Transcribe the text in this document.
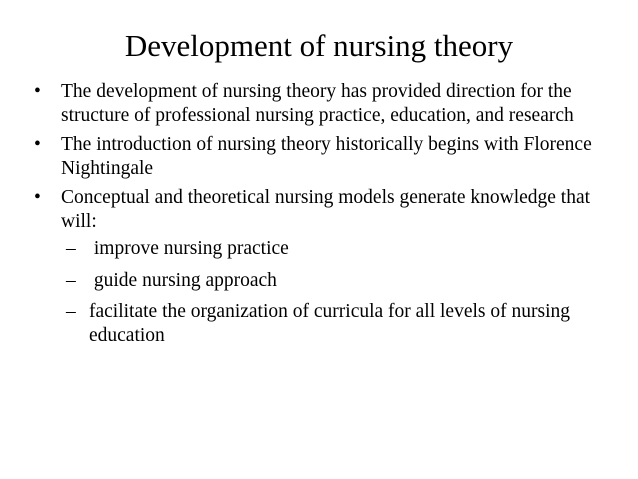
Development of nursing theory
• The development of nursing theory has provided direction for the structure of professional nursing practice, education, and research
• The introduction of nursing theory historically begins with Florence Nightingale
• Conceptual and theoretical nursing models generate knowledge that will:
– improve nursing practice
– guide nursing approach
– facilitate the organization of curricula for all levels of nursing education
